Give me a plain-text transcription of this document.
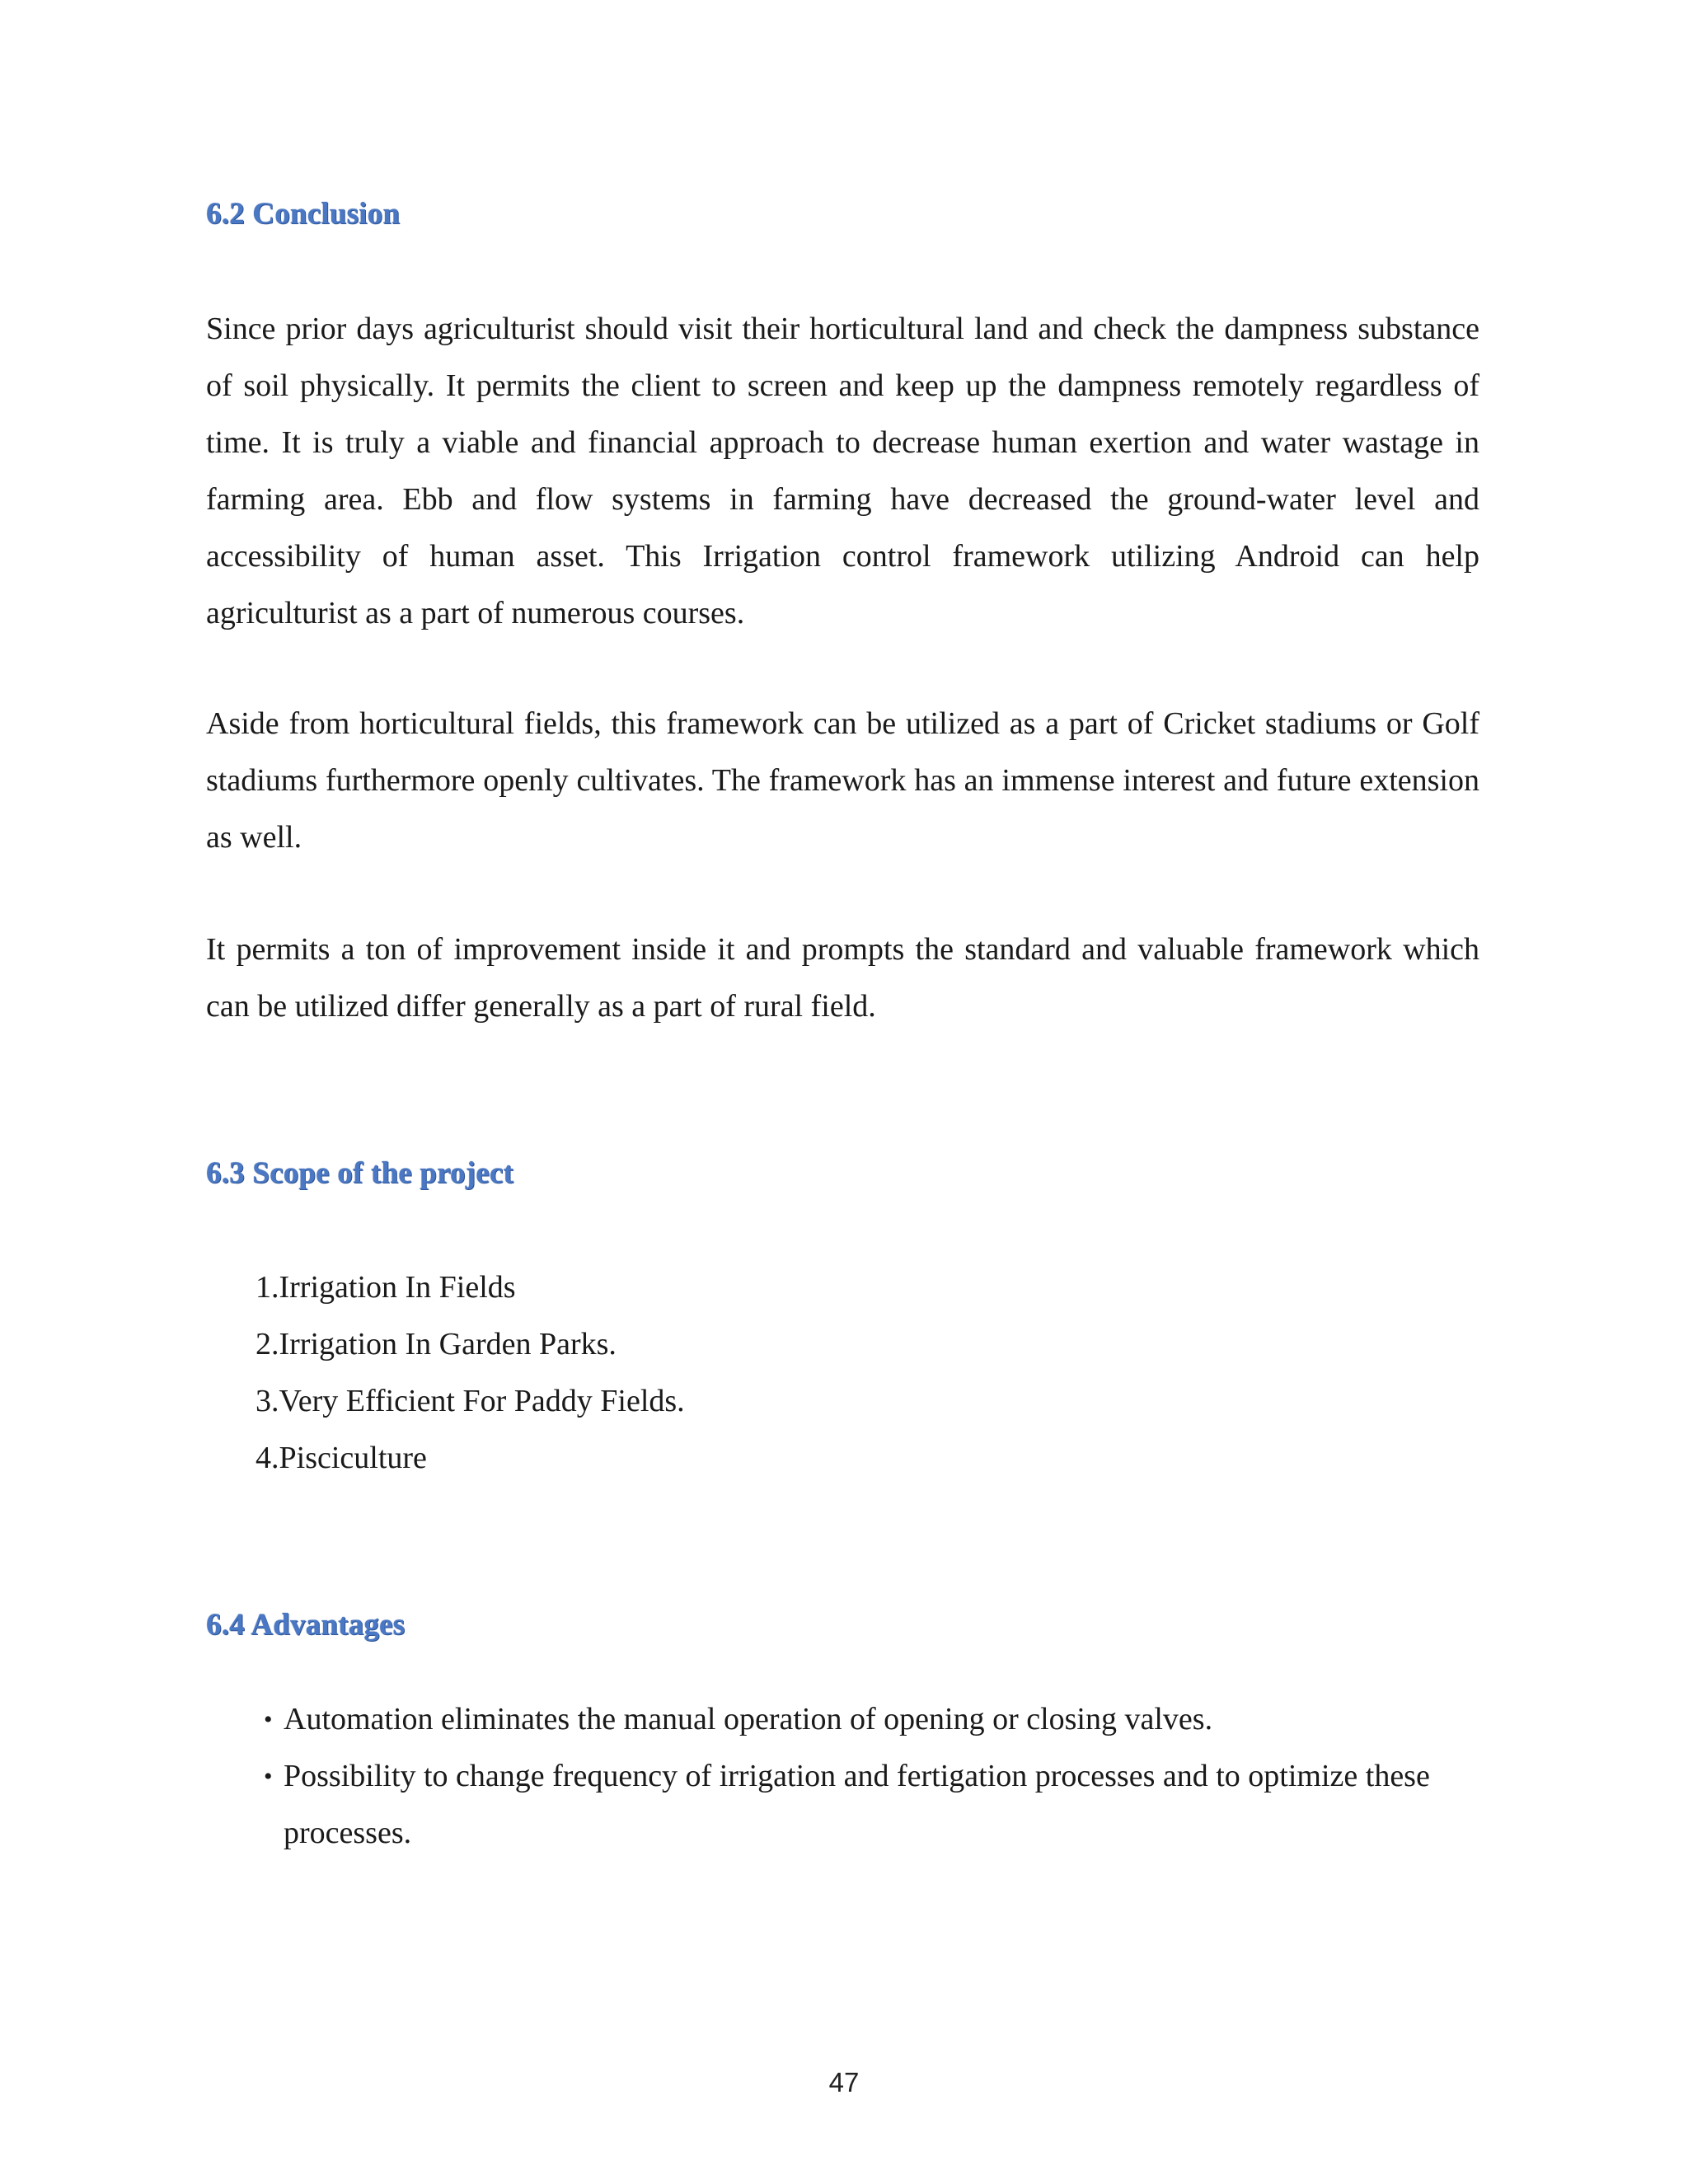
6.2 Conclusion

Since prior days agriculturist should visit their horticultural land and check the dampness substance of soil physically. It permits the client to screen and keep up the dampness remotely regardless of time. It is truly a viable and financial approach to decrease human exertion and water wastage in farming area. Ebb and flow systems in farming have decreased the ground-water level and accessibility of human asset. This Irrigation control framework utilizing Android can help agriculturist as a part of numerous courses.

Aside from horticultural fields, this framework can be utilized as a part of Cricket stadiums or Golf stadiums furthermore openly cultivates. The framework has an immense interest and future extension as well.

It permits a ton of improvement inside it and prompts the standard and valuable framework which can be utilized differ generally as a part of rural field.

6.3 Scope of the project
1.Irrigation In Fields
2.Irrigation In Garden Parks.
3.Very Efficient For Paddy Fields.
4.Pisciculture
6.4 Advantages
• Automation eliminates the manual operation of opening or closing valves.
• Possibility to change frequency of irrigation and fertigation processes and to optimize these processes.
47
